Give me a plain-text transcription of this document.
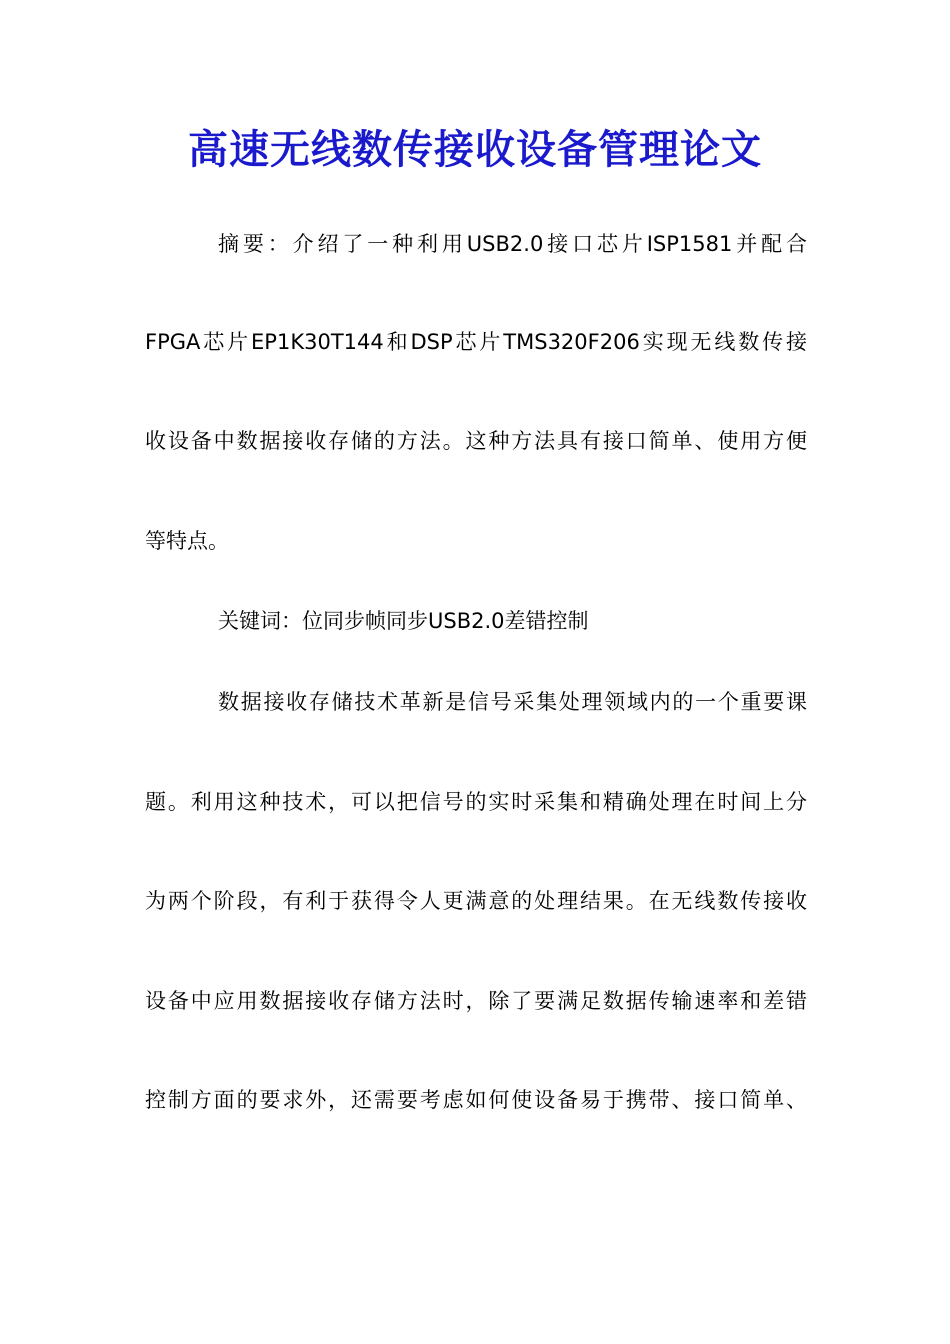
高速无线数传接收设备管理论文
摘要：介绍了一种利用USB2.0接口芯片ISP1581并配合
FPGA芯片EP1K30T144和DSP芯片TMS320F206实现无线数传接
收设备中数据接收存储的方法。这种方法具有接口简单、使用方便
等特点。
关键词：位同步帧同步USB2.0差错控制
数据接收存储技术革新是信号采集处理领域内的一个重要课
题。利用这种技术，可以把信号的实时采集和精确处理在时间上分
为两个阶段，有利于获得令人更满意的处理结果。在无线数传接收
设备中应用数据接收存储方法时，除了要满足数据传输速率和差错
控制方面的要求外，还需要考虑如何使设备易于携带、接口简单、
